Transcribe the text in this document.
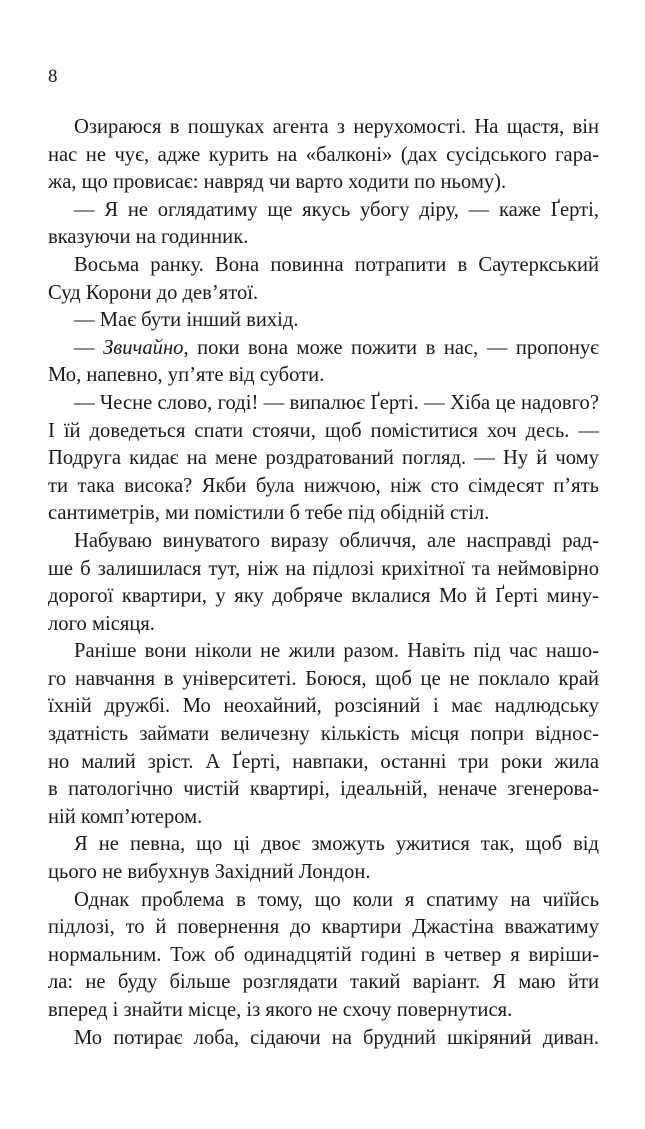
8
Озираюся в пошуках агента з нерухомості. На щастя, він
нас не чує, адже курить на «балконі» (дах сусідського гара-
жа, що провисає: навряд чи варто ходити по ньому).
— Я не оглядатиму ще якусь убогу діру, — каже Ґерті,
вказуючи на годинник.
Восьма ранку. Вона повинна потрапити в Саутеркський
Суд Корони до дев’ятої.
— Має бути інший вихід.
— Звичайно, поки вона може пожити в нас, — пропонує
Мо, напевно, уп’яте від суботи.
— Чесне слово, годі! — випалює Ґерті. — Хіба це надовго?
І їй доведеться спати стоячи, щоб поміститися хоч десь. —
Подруга кидає на мене роздратований погляд. — Ну й чому
ти така висока? Якби була нижчою, ніж сто сімдесят п’ять
сантиметрів, ми помістили б тебе під обідній стіл.
Набуваю винуватого виразу обличчя, але насправді рад-
ше б залишилася тут, ніж на підлозі крихітної та неймовірно
дорогої квартири, у яку добряче вклалися Мо й Ґерті мину-
лого місяця.
Раніше вони ніколи не жили разом. Навіть під час нашо-
го навчання в університеті. Боюся, щоб це не поклало край
їхній дружбі. Мо неохайний, розсіяний і має надлюдську
здатність займати величезну кількість місця попри віднос-
но малий зріст. А Ґерті, навпаки, останні три роки жила
в патологічно чистій квартирі, ідеальній, неначе згенерова-
ній комп’ютером.
Я не певна, що ці двоє зможуть ужитися так, щоб від
цього не вибухнув Західний Лондон.
Однак проблема в тому, що коли я спатиму на чиїйсь
підлозі, то й повернення до квартири Джастіна вважатиму
нормальним. Тож об одинадцятій годині в четвер я виріши-
ла: не буду більше розглядати такий варіант. Я маю йти
вперед і знайти місце, із якого не схочу повернутися.
Мо потирає лоба, сідаючи на брудний шкіряний диван.
